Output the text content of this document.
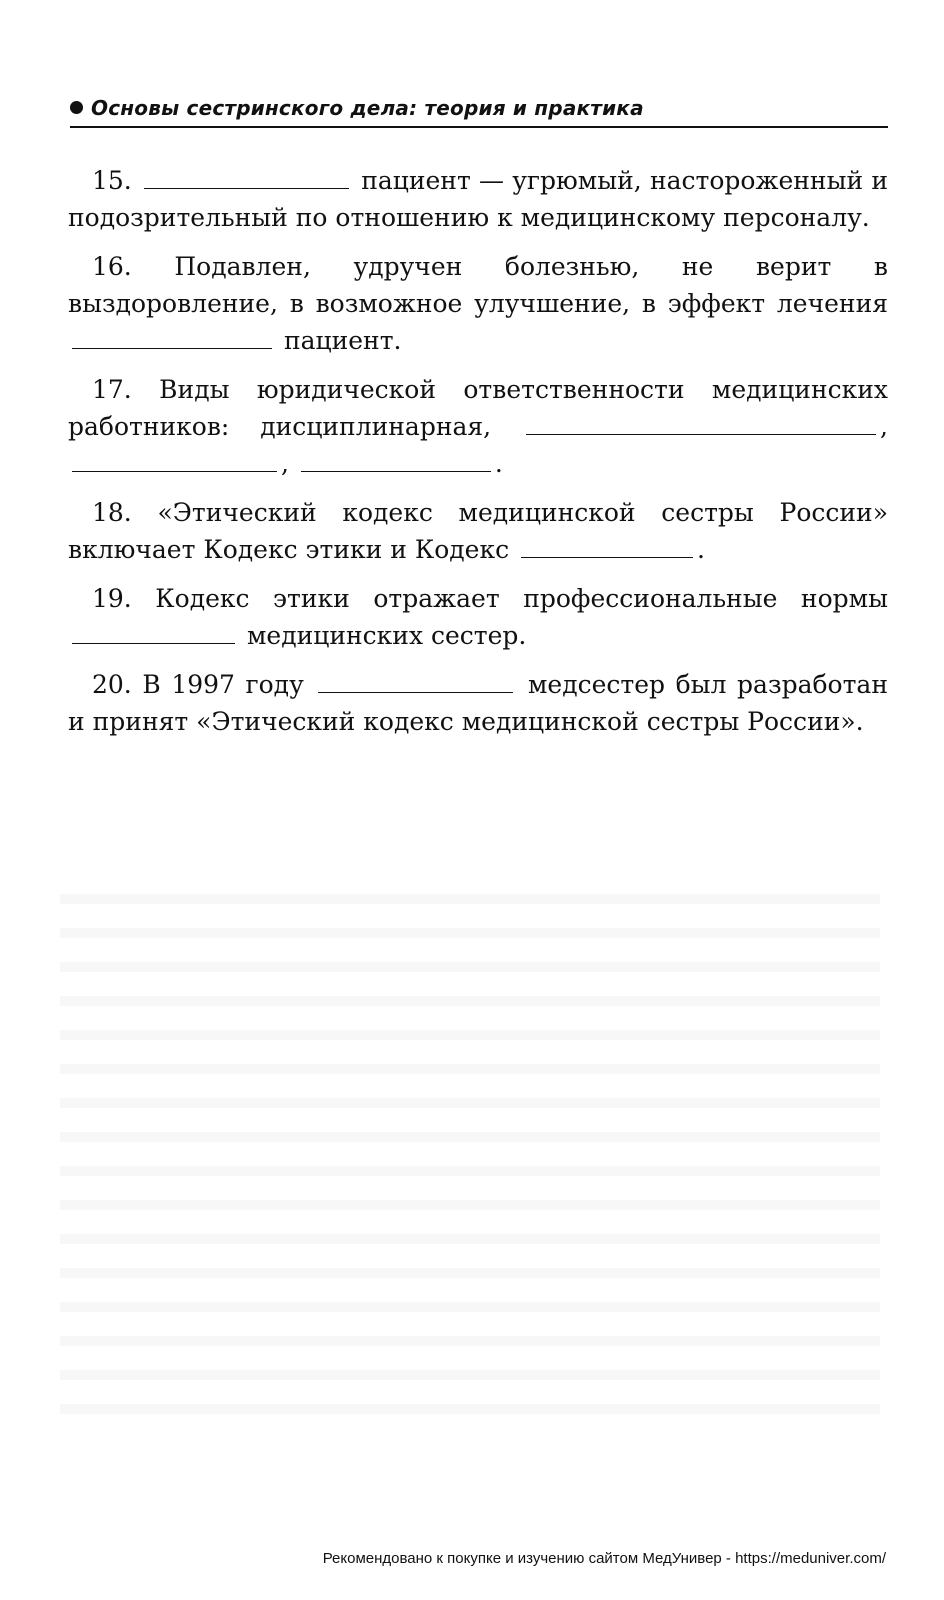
Основы сестринского дела: теория и практика

15.	пациент — угрюмый, настороженный и подозрительный по отношению к медицинскому персоналу.

16. Подавлен, удручен болезнью, не верит в выздоровление, в возможное улучшение, в эффект лечения  пациент.

17. Виды юридической ответственности медицинских работников: дисциплинарная,	, ,	.

18. «Этический кодекс медицинской сестры России» включает Кодекс этики и Кодекс	.

19. Кодекс этики отражает профессиональные нормы  медицинских сестер.

20. В 1997 году	медсестер был разработан и принят «Этический кодекс медицинской сестры России».

Рекомендовано к покупке и изучению сайтом МедУнивер - https://meduniver.com/
